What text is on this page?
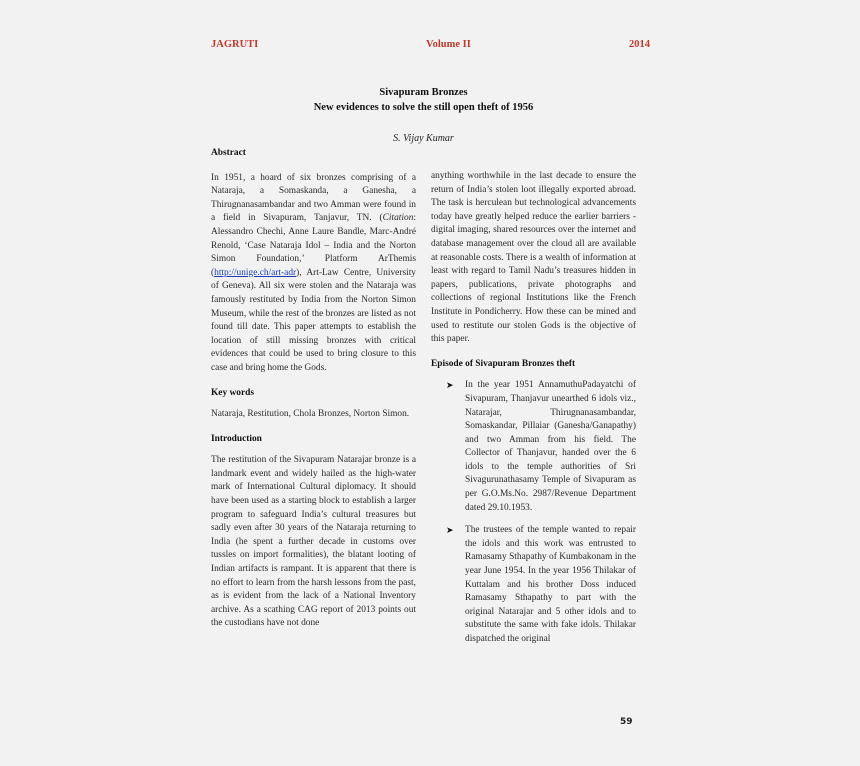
JAGRUTI	Volume II	2014
Sivapuram Bronzes
New evidences to solve the still open theft of 1956
S. Vijay Kumar

Abstract

In 1951, a hoard of six bronzes comprising of a Nataraja, a Somaskanda, a Ganesha, a Thirugnanasambandar and two Amman were found in a field in Sivapuram, Tanjavur, TN. (Citation: Alessandro Chechi, Anne Laure Bandle, Marc-André Renold, ‘Case Nataraja Idol – India and the Norton Simon Foundation,’ Platform ArThemis (http://unige.ch/art-adr), Art-Law Centre, University of Geneva). All six were stolen and the Nataraja was famously restituted by India from the Norton Simon Museum, while the rest of the bronzes are listed as not found till date. This paper attempts to establish the location of still missing bronzes with critical evidences that could be used to bring closure to this case and bring home the Gods.

Key words

Nataraja, Restitution, Chola Bronzes, Norton Simon.

Introduction

The restitution of the Sivapuram Natarajar bronze is a landmark event and widely hailed as the high-water mark of International Cultural diplomacy. It should have been used as a starting block to establish a larger program to safeguard India’s cultural treasures but sadly even after 30 years of the Nataraja returning to India (he spent a further decade in customs over tussles on import formalities), the blatant looting of Indian artifacts is rampant. It is apparent that there is no effort to learn from the harsh lessons from the past, as is evident from the lack of a National Inventory archive. As a scathing CAG report of 2013 points out the custodians have not done

anything worthwhile in the last decade to ensure the return of India’s stolen loot illegally exported abroad. The task is herculean but technological advancements today have greatly helped reduce the earlier barriers - digital imaging, shared resources over the internet and database management over the cloud all are available at reasonable costs. There is a wealth of information at least with regard to Tamil Nadu’s treasures hidden in papers, publications, private photographs and collections of regional Institutions like the French Institute in Pondicherry. How these can be mined and used to restitute our stolen Gods is the objective of this paper.

Episode of Sivapuram Bronzes theft

➤ In the year 1951 AnnamuthuPadayatchi of Sivapuram, Thanjavur unearthed 6 idols viz., Natarajar, Thirugnanasambandar, Somaskandar, Pillaiar (Ganesha/Ganapathy) and two Amman from his field. The Collector of Thanjavur, handed over the 6 idols to the temple authorities of Sri Sivagurunathasamy Temple of Sivapuram as per G.O.Ms.No. 2987/Revenue Department dated 29.10.1953.

➤ The trustees of the temple wanted to repair the idols and this work was entrusted to Ramasamy Sthapathy of Kumbakonam in the year June 1954. In the year 1956 Thilakar of Kuttalam and his brother Doss induced Ramasamy Sthapathy to part with the original Natarajar and 5 other idols and to substitute the same with fake idols. Thilakar dispatched the original

59
